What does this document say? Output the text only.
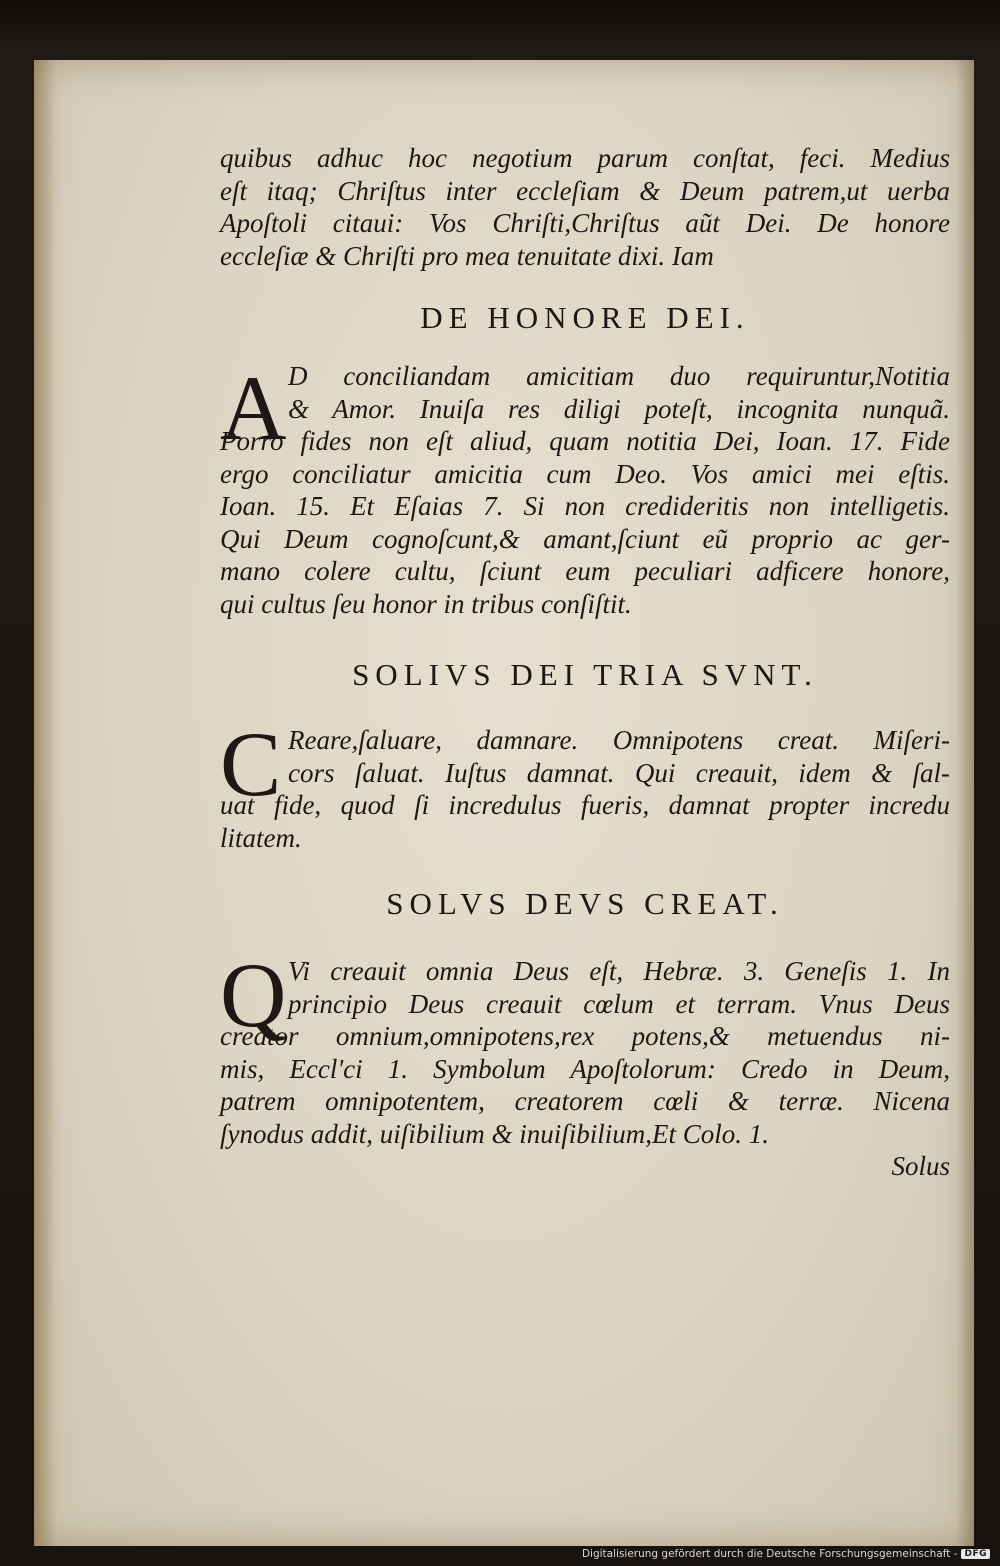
quibus adhuc hoc negotium parum conſtat, feci. Medius
eſt itaq; Chriſtus inter eccleſiam & Deum patrem,ut uerba
Apoſtoli citaui: Vos Chriſti,Chriſtus aũt Dei. De honore
eccleſiæ & Chriſti pro mea tenuitate dixi. Iam
DE HONORE DEI.
A D conciliandam amicitiam duo requiruntur,Notitia
& Amor. Inuiſa res diligi poteſt, incognita nunquã.
Porro fides non eſt aliud, quam notitia Dei, Ioan. 17. Fide
ergo conciliatur amicitia cum Deo. Vos amici mei eſtis.
Ioan. 15. Et Eſaias 7. Si non credideritis non intelligetis.
Qui Deum cognoſcunt,& amant,ſciunt eũ proprio ac ger-
mano colere cultu, ſciunt eum peculiari adficere honore,
qui cultus ſeu honor in tribus conſiſtit.
SOLIVS DEI TRIA SVNT.
C Reare,ſaluare, damnare. Omnipotens creat. Miſeri-
cors ſaluat. Iuſtus damnat. Qui creauit, idem & ſal-
uat fide, quod ſi incredulus fueris, damnat propter incredu
litatem.
SOLVS DEVS CREAT.
Q Vi creauit omnia Deus eſt, Hebræ. 3. Geneſis 1. In
principio Deus creauit cœlum et terram. Vnus Deus
creator omnium,omnipotens,rex potens,& metuendus ni-
mis, Eccl'ci 1. Symbolum Apoſtolorum: Credo in Deum,
patrem omnipotentem, creatorem cœli & terræ. Nicena
ſynodus addit, uiſibilium & inuiſibilium,Et Colo. 1.
Solus
Digitalisierung gefördert durch die Deutsche Forschungsgemeinschaft - DFG
